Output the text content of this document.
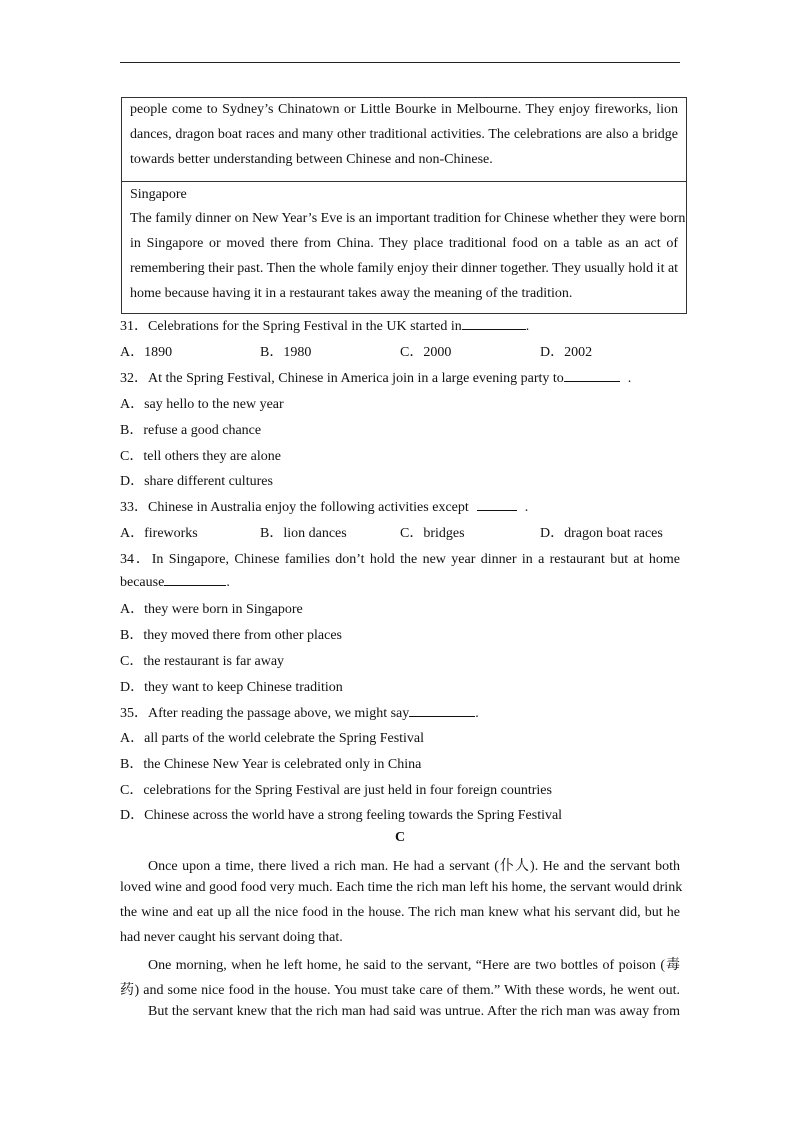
people come to Sydney’s Chinatown or Little Bourke in Melbourne. They enjoy fireworks, lion
dances, dragon boat races and many other traditional activities. The celebrations are also a bridge
towards better understanding between Chinese and non-Chinese.
Singapore
The family dinner on New Year’s Eve is an important tradition for Chinese whether they were born
in Singapore or moved there from China. They place traditional food on a table as an act of
remembering their past. Then the whole family enjoy their dinner together. They usually hold it at
home because having it in a restaurant takes away the meaning of the tradition.
31．Celebrations for the Spring Festival in the UK started in	.
A．1890	B．1980	C．2000	D．2002
32．At the Spring Festival, Chinese in America join in a large evening party to	.
A．say hello to the new year
B．refuse a good chance
C．tell others they are alone
D．share different cultures
33．Chinese in Australia enjoy the following activities except	.
A．fireworks	B．lion dances	C．bridges	D．dragon boat races
34．In Singapore, Chinese families don’t hold the new year dinner in a restaurant but at home
because	.
A．they were born in Singapore
B．they moved there from other places
C．the restaurant is far away
D．they want to keep Chinese tradition
35．After reading the passage above, we might say	.
A．all parts of the world celebrate the Spring Festival
B．the Chinese New Year is celebrated only in China
C．celebrations for the Spring Festival are just held in four foreign countries
D．Chinese across the world have a strong feeling towards the Spring Festival
C
Once upon a time, there lived a rich man. He had a servant (仆人). He and the servant both
loved wine and good food very much. Each time the rich man left his home, the servant would drink
the wine and eat up all the nice food in the house. The rich man knew what his servant did, but he
had never caught his servant doing that.
One morning, when he left home, he said to the servant, “Here are two bottles of poison (毒
药) and some nice food in the house. You must take care of them.” With these words, he went out.
But the servant knew that the rich man had said was untrue. After the rich man was away from
